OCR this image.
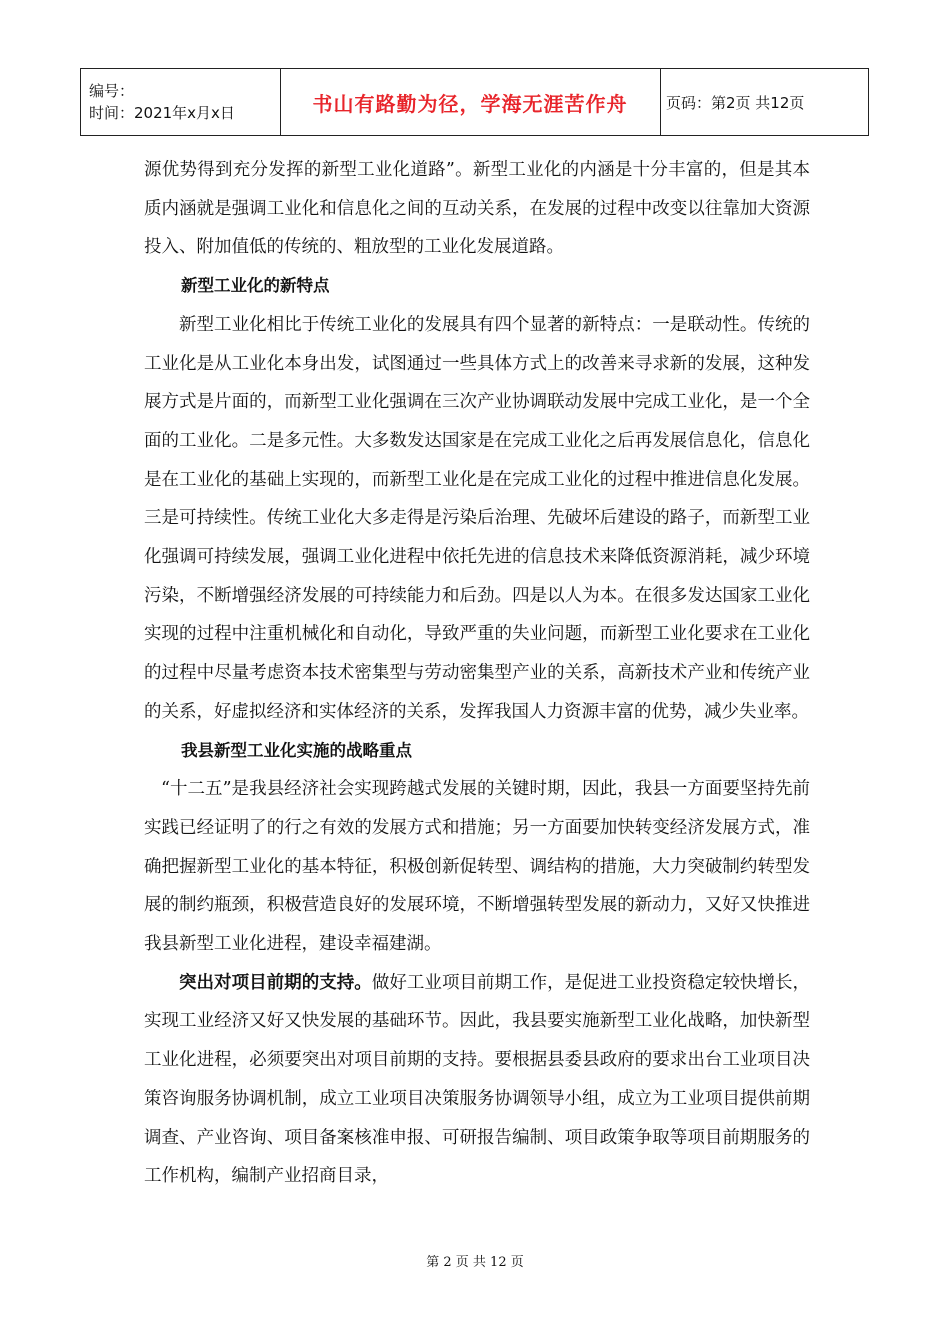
编号：
时间：2021年x月x日	书山有路勤为径，学海无涯苦作舟	页码：第2页 共12页

源优势得到充分发挥的新型工业化道路”。新型工业化的内涵是十分丰富的，但是其本质内涵就是强调工业化和信息化之间的互动关系，在发展的过程中改变以往靠加大资源投入、附加值低的传统的、粗放型的工业化发展道路。

新型工业化的新特点

新型工业化相比于传统工业化的发展具有四个显著的新特点：一是联动性。传统的工业化是从工业化本身出发，试图通过一些具体方式上的改善来寻求新的发展，这种发展方式是片面的，而新型工业化强调在三次产业协调联动发展中完成工业化，是一个全面的工业化。二是多元性。大多数发达国家是在完成工业化之后再发展信息化，信息化是在工业化的基础上实现的，而新型工业化是在完成工业化的过程中推进信息化发展。三是可持续性。传统工业化大多走得是污染后治理、先破坏后建设的路子，而新型工业化强调可持续发展，强调工业化进程中依托先进的信息技术来降低资源消耗，减少环境污染，不断增强经济发展的可持续能力和后劲。四是以人为本。在很多发达国家工业化实现的过程中注重机械化和自动化，导致严重的失业问题，而新型工业化要求在工业化的过程中尽量考虑资本技术密集型与劳动密集型产业的关系，高新技术产业和传统产业的关系，好虚拟经济和实体经济的关系，发挥我国人力资源丰富的优势，减少失业率。

我县新型工业化实施的战略重点

“十二五”是我县经济社会实现跨越式发展的关键时期，因此，我县一方面要坚持先前实践已经证明了的行之有效的发展方式和措施；另一方面要加快转变经济发展方式，准确把握新型工业化的基本特征，积极创新促转型、调结构的措施，大力突破制约转型发展的制约瓶颈，积极营造良好的发展环境，不断增强转型发展的新动力，又好又快推进我县新型工业化进程，建设幸福建湖。

突出对项目前期的支持。做好工业项目前期工作，是促进工业投资稳定较快增长，实现工业经济又好又快发展的基础环节。因此，我县要实施新型工业化战略，加快新型工业化进程，必须要突出对项目前期的支持。要根据县委县政府的要求出台工业项目决策咨询服务协调机制，成立工业项目决策服务协调领导小组，成立为工业项目提供前期调查、产业咨询、项目备案核准申报、可研报告编制、项目政策争取等项目前期服务的工作机构，编制产业招商目录，

第 2 页 共 12 页
